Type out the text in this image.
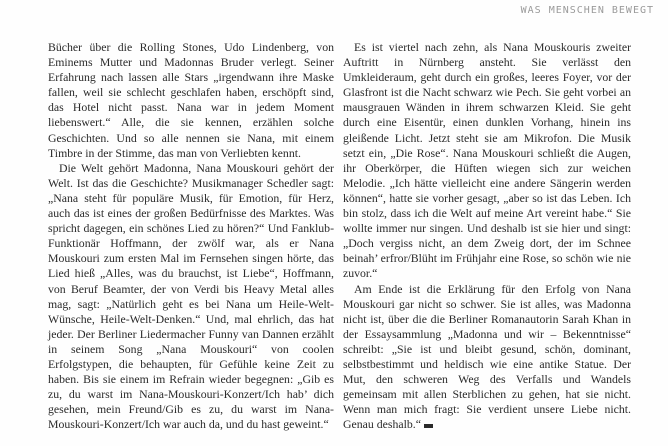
WAS MENSCHEN BEWEGT

Bücher über die Rolling Stones, Udo Lindenberg, von Eminems Mutter und Madonnas Bruder verlegt. Seiner Erfahrung nach lassen alle Stars „irgendwann ihre Maske fallen, weil sie schlecht geschlafen haben, erschöpft sind, das Hotel nicht passt. Nana war in jedem Moment liebenswert.“ Alle, die sie kennen, erzählen solche Geschichten. Und so alle nennen sie Nana, mit einem Timbre in der Stimme, das man von Verliebten kennt.

Die Welt gehört Madonna, Nana Mouskouri gehört der Welt. Ist das die Geschichte? Musikmanager Schedler sagt: „Nana steht für populäre Musik, für Emotion, für Herz, auch das ist eines der großen Bedürfnisse des Marktes. Was spricht dagegen, ein schönes Lied zu hören?“ Und Fanklub-Funktionär Hoffmann, der zwölf war, als er Nana Mouskouri zum ersten Mal im Fernsehen singen hörte, das Lied hieß „Alles, was du brauchst, ist Liebe“, Hoffmann, von Beruf Beamter, der von Verdi bis Heavy Metal alles mag, sagt: „Natürlich geht es bei Nana um Heile-Welt-Wünsche, Heile-Welt-Denken.“ Und, mal ehrlich, das hat jeder. Der Berliner Liedermacher Funny van Dannen erzählt in seinem Song „Nana Mouskouri“ von coolen Erfolgstypen, die behaupten, für Gefühle keine Zeit zu haben. Bis sie einem im Refrain wieder begegnen: „Gib es zu, du warst im Nana-Mouskouri-Konzert/Ich hab’ dich gesehen, mein Freund/Gib es zu, du warst im Nana-Mouskouri-Konzert/Ich war auch da, und du hast geweint.“

Es ist viertel nach zehn, als Nana Mouskouris zweiter Auftritt in Nürnberg ansteht. Sie verlässt den Umkleideraum, geht durch ein großes, leeres Foyer, vor der Glasfront ist die Nacht schwarz wie Pech. Sie geht vorbei an mausgrauen Wänden in ihrem schwarzen Kleid. Sie geht durch eine Eisentür, einen dunklen Vorhang, hinein ins gleißende Licht. Jetzt steht sie am Mikrofon. Die Musik setzt ein, „Die Rose“. Nana Mouskouri schließt die Augen, ihr Oberkörper, die Hüften wiegen sich zur weichen Melodie. „Ich hätte vielleicht eine andere Sängerin werden können“, hatte sie vorher gesagt, „aber so ist das Leben. Ich bin stolz, dass ich die Welt auf meine Art vereint habe.“ Sie wollte immer nur singen. Und deshalb ist sie hier und singt: „Doch vergiss nicht, an dem Zweig dort, der im Schnee beinah’ erfror/Blüht im Frühjahr eine Rose, so schön wie nie zuvor.“

Am Ende ist die Erklärung für den Erfolg von Nana Mouskouri gar nicht so schwer. Sie ist alles, was Madonna nicht ist, über die die Berliner Romanautorin Sarah Khan in der Essaysammlung „Madonna und wir – Bekenntnisse“ schreibt: „Sie ist und bleibt gesund, schön, dominant, selbstbestimmt und heldisch wie eine antike Statue. Der Mut, den schweren Weg des Verfalls und Wandels gemeinsam mit allen Sterblichen zu gehen, hat sie nicht. Wenn man mich fragt: Sie verdient unsere Liebe nicht. Genau deshalb.“
